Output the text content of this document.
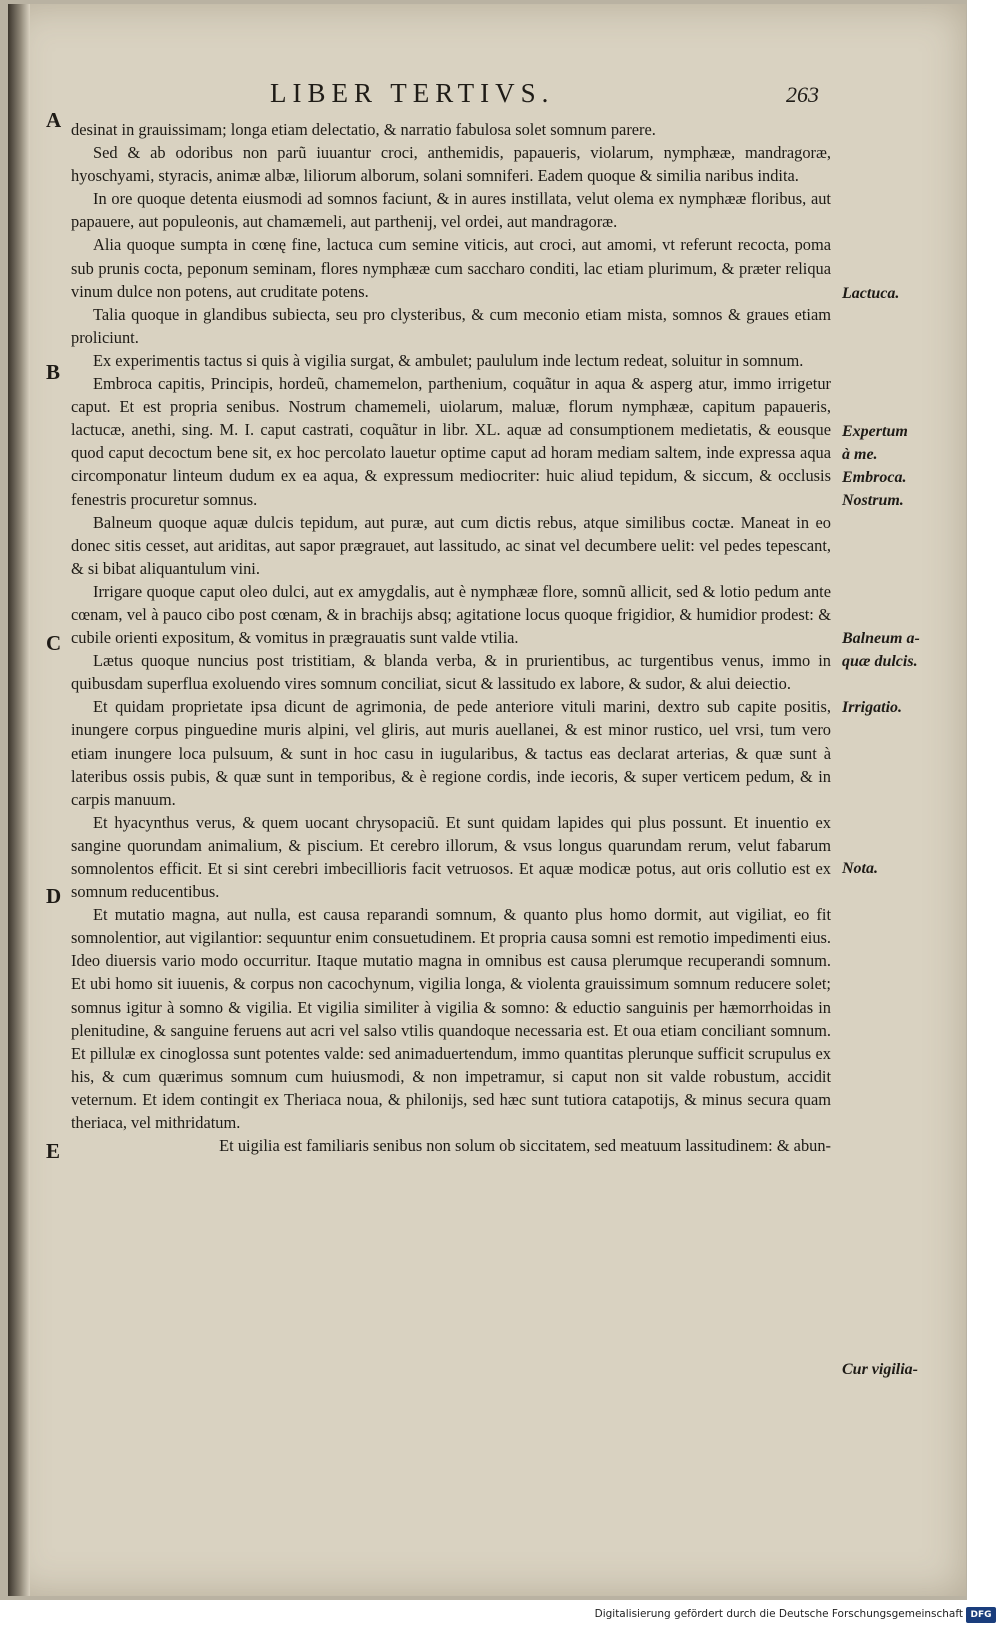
LIBER TERTIVS.	263
A
B
C
D
E
Lactuca.
Expertum
à me.
Embroca.
Nostrum.
Balneum a-
quæ dulcis.
Irrigatio.
Nota.
Cur vigilia-

desinat in grauissimam; longa etiam delectatio, & narratio fabulosa solet somnum parere.

Sed & ab odoribus non parũ iuuantur croci, anthemidis, papaueris, violarum, nymphææ, mandragoræ, hyoschyami, styracis, animæ albæ, liliorum alborum, solani somniferi. Eadem quoque & similia naribus indita.

In ore quoque detenta eiusmodi ad somnos faciunt, & in aures instillata, velut olema ex nymphææ floribus, aut papauere, aut populeonis, aut chamæmeli, aut parthenij, vel ordei, aut mandragoræ.

Alia quoque sumpta in cœnę fine, lactuca cum semine viticis, aut croci, aut amomi, vt referunt recocta, poma sub prunis cocta, peponum seminam, flores nymphææ cum saccharo conditi, lac etiam plurimum, & præter reliqua vinum dulce non potens, aut cruditate potens.

Talia quoque in glandibus subiecta, seu pro clysteribus, & cum meconio etiam mista, somnos & graues etiam proliciunt.

Ex experimentis tactus si quis à vigilia surgat, & ambulet; paululum inde lectum redeat, soluitur in somnum.

Embroca capitis, Principis, hordeũ, chamemelon, parthenium, coquãtur in aqua & asperg atur, immo irrigetur caput. Et est propria senibus. Nostrum chamemeli, uiolarum, maluæ, florum nymphææ, capitum papaueris, lactucæ, anethi, sing. M. I. caput castrati, coquãtur in libr. XL. aquæ ad consumptionem medietatis, & eousque quod caput decoctum bene sit, ex hoc percolato lauetur optime caput ad horam mediam saltem, inde expressa aqua circomponatur linteum dudum ex ea aqua, & expressum mediocriter: huic aliud tepidum, & siccum, & occlusis fenestris procuretur somnus.

Balneum quoque aquæ dulcis tepidum, aut puræ, aut cum dictis rebus, atque similibus coctæ. Maneat in eo donec sitis cesset, aut ariditas, aut sapor prægrauet, aut lassitudo, ac sinat vel decumbere uelit: vel pedes tepescant, & si bibat aliquantulum vini.

Irrigare quoque caput oleo dulci, aut ex amygdalis, aut è nymphææ flore, somnũ allicit, sed & lotio pedum ante cœnam, vel à pauco cibo post cœnam, & in brachijs absq; agitatione locus quoque frigidior, & humidior prodest: & cubile orienti expositum, & vomitus in prægrauatis sunt valde vtilia.

Lætus quoque nuncius post tristitiam, & blanda verba, & in prurientibus, ac turgentibus venus, immo in quibusdam superflua exoluendo vires somnum conciliat, sicut & lassitudo ex labore, & sudor, & alui deiectio.

Et quidam proprietate ipsa dicunt de agrimonia, de pede anteriore vituli marini, dextro sub capite positis, inungere corpus pinguedine muris alpini, vel gliris, aut muris auellanei, & est minor rustico, uel vrsi, tum vero etiam inungere loca pulsuum, & sunt in hoc casu in iugularibus, & tactus eas declarat arterias, & quæ sunt à lateribus ossis pubis, & quæ sunt in temporibus, & è regione cordis, inde iecoris, & super verticem pedum, & in carpis manuum.

Et hyacynthus verus, & quem uocant chrysopaciũ. Et sunt quidam lapides qui plus possunt. Et inuentio ex sangine quorundam animalium, & piscium. Et cerebro illorum, & vsus longus quarundam rerum, velut fabarum somnolentos efficit. Et si sint cerebri imbecillioris facit vetruosos. Et aquæ modicæ potus, aut oris collutio est ex somnum reducentibus.

Et mutatio magna, aut nulla, est causa reparandi somnum, & quanto plus homo dormit, aut vigiliat, eo fit somnolentior, aut vigilantior: sequuntur enim consuetudinem. Et propria causa somni est remotio impedimenti eius. Ideo diuersis vario modo occurritur. Itaque mutatio magna in omnibus est causa plerumque recuperandi somnum. Et ubi homo sit iuuenis, & corpus non cacochynum, vigilia longa, & violenta grauissimum somnum reducere solet; somnus igitur à somno & vigilia. Et vigilia similiter à vigilia & somno: & eductio sanguinis per hæmorrhoidas in plenitudine, & sanguine feruens aut acri vel salso vtilis quandoque necessaria est. Et oua etiam conciliant somnum. Et pillulæ ex cinoglossa sunt potentes valde: sed animaduertendum, immo quantitas plerunque sufficit scrupulus ex his, & cum quærimus somnum cum huiusmodi, & non impetramur, si caput non sit valde robustum, accidit veternum. Et idem contingit ex Theriaca noua, & philonijs, sed hæc sunt tutiora catapotijs, & minus secura quam theriaca, vel mithridatum.

Et uigilia est familiaris senibus non solum ob siccitatem, sed meatuum lassitudinem: & abun-

Digitalisierung gefördert durch die Deutsche Forschungsgemeinschaft DFG
